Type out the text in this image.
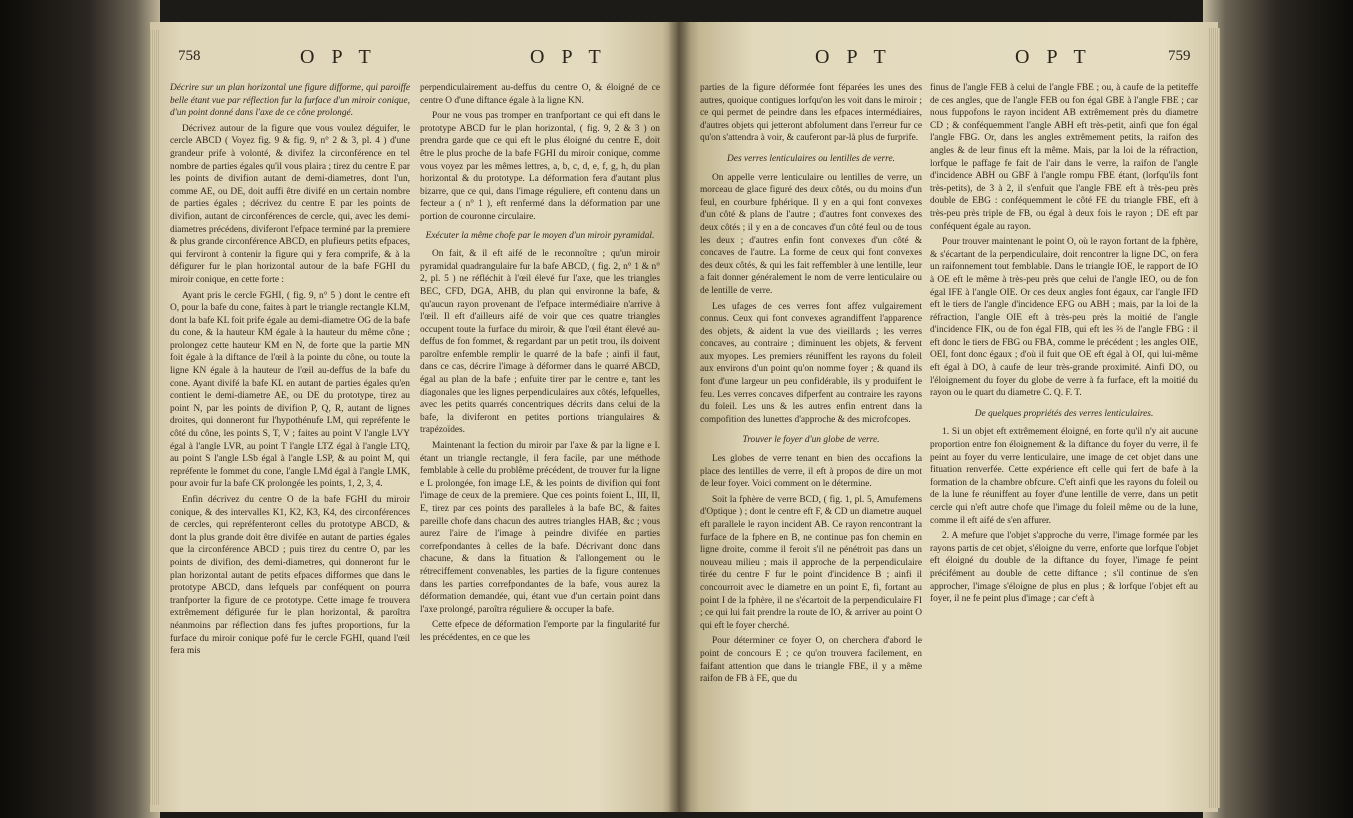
758	O P T	O P T

Décrire sur un plan horizontal une figure difforme, qui paroiffe belle étant vue par réflection fur la furface d'un miroir conique, d'un point donné dans l'axe de ce cône prolongé.

Décrivez autour de la figure que vous voulez déguifer, le cercle ABCD ( Voyez fig. 9 & fig. 9, n° 2 & 3, pl. 4 ) d'une grandeur prife à volonté, & divifez la circonférence en tel nombre de parties égales qu'il vous plaira ; tirez du centre E par les points de divifion autant de demi-diametres, dont l'un, comme AE, ou DE, doit auffi être divifé en un certain nombre de parties égales ; décrivez du centre E par les points de divifion, autant de circonférences de cercle, qui, avec les demi-diametres précédens, diviferont l'efpace terminé par la premiere & plus grande circonférence ABCD, en plufieurs petits efpaces, qui ferviront à contenir la figure qui y fera comprife, & à la défigurer fur le plan horizontal autour de la bafe FGHI du miroir conique, en cette forte :

Ayant pris le cercle FGHI, ( fig. 9, n° 5 ) dont le centre eft O, pour la bafe du cone, faites à part le triangle rectangle KLM, dont la bafe KL foit prife égale au demi-diametre OG de la bafe du cone, & la hauteur KM égale à la hauteur du même cône ; prolongez cette hauteur KM en N, de forte que la partie MN foit égale à la diftance de l'œil à la pointe du cône, ou toute la ligne KN égale à la hauteur de l'œil au-deffus de la bafe du cone. Ayant divifé la bafe KL en autant de parties égales qu'en contient le demi-diametre AE, ou DE du prototype, tirez au point N, par les points de divifion P, Q, R, autant de lignes droites, qui donneront fur l'hypothénufe LM, qui repréfente le côté du cône, les points S, T, V ; faites au point V l'angle LVY égal à l'angle LVR, au point T l'angle LTZ égal à l'angle LTQ, au point S l'angle LSb égal à l'angle LSP, & au point M, qui repréfente le fommet du cone, l'angle LMd égal à l'angle LMK, pour avoir fur la bafe CK prolongée les points, 1, 2, 3, 4.

Enfin décrivez du centre O de la bafe FGHI du miroir conique, & des intervalles K1, K2, K3, K4, des circonférences de cercles, qui repréfenteront celles du prototype ABCD, & dont la plus grande doit être divifée en autant de parties égales que la circonférence ABCD ; puis tirez du centre O, par les points de divifion, des demi-diametres, qui donneront fur le plan horizontal autant de petits efpaces difformes que dans le prototype ABCD, dans lefquels par conféquent on pourra tranfporter la figure de ce prototype. Cette image fe trouvera extrêmement défigurée fur le plan horizontal, & paroîtra néanmoins par réflection dans fes juftes proportions, fur la furface du miroir conique pofé fur le cercle FGHI, quand l'œil fera mis

perpendiculairement au-deffus du centre O, & éloigné de ce centre O d'une diftance égale à la ligne KN.

Pour ne vous pas tromper en tranfportant ce qui eft dans le prototype ABCD fur le plan horizontal, ( fig. 9, 2 & 3 ) on prendra garde que ce qui eft le plus éloigné du centre E, doit être le plus proche de la bafe FGHI du miroir conique, comme vous voyez par les mêmes lettres, a, b, c, d, e, f, g, h, du plan horizontal & du prototype. La déformation fera d'autant plus bizarre, que ce qui, dans l'image réguliere, eft contenu dans un fecteur a ( n° 1 ), eft renfermé dans la déformation par une portion de couronne circulaire.

Exécuter la même chofe par le moyen d'un miroir pyramidal.

On fait, & il eft aifé de le reconnoître ; qu'un miroir pyramidal quadrangulaire fur la bafe ABCD, ( fig. 2, n° 1 & n° 2, pl. 5 ) ne réfléchit à l'œil élevé fur l'axe, que les triangles BEC, CFD, DGA, AHB, du plan qui environne la bafe, & qu'aucun rayon provenant de l'efpace intermédiaire n'arrive à l'œil. Il eft d'ailleurs aifé de voir que ces quatre triangles occupent toute la furface du miroir, & que l'œil étant élevé au-deffus de fon fommet, & regardant par un petit trou, ils doivent paroître enfemble remplir le quarré de la bafe ; ainfi il faut, dans ce cas, décrire l'image à déformer dans le quarré ABCD, égal au plan de la bafe ; enfuite tirer par le centre e, tant les diagonales que les lignes perpendiculaires aux côtés, lefquelles, avec les petits quarrés concentriques décrits dans celui de la bafe, la diviferont en petites portions triangulaires & trapézoïdes.

Maintenant la fection du miroir par l'axe & par la ligne e I. étant un triangle rectangle, il fera facile, par une méthode femblable à celle du problême précédent, de trouver fur la ligne e L prolongée, fon image LE, & les points de divifion qui font l'image de ceux de la premiere. Que ces points foient L, III, II, E, tirez par ces points des paralleles à la bafe BC, & faites pareille chofe dans chacun des autres triangles HAB, &c ; vous aurez l'aire de l'image à peindre divifée en parties correfpondantes à celles de la bafe. Décrivant donc dans chacune, & dans la fituation & l'allongement ou le rétreciffement convenables, les parties de la figure contenues dans les parties correfpondantes de la bafe, vous aurez la déformation demandée, qui, étant vue d'un certain point dans l'axe prolongé, paroîtra réguliere & occuper la bafe.

Cette efpece de déformation l'emporte par la fingularité fur les précédentes, en ce que les

O P T	O P T	759

parties de la figure déformée font féparées les unes des autres, quoique contigues lorfqu'on les voit dans le miroir ; ce qui permet de peindre dans les efpaces intermédiaires, d'autres objets qui jetteront abfolument dans l'erreur fur ce qu'on s'attendra à voir, & cauferont par-là plus de furprife.

Des verres lenticulaires ou lentilles de verre.

On appelle verre lenticulaire ou lentilles de verre, un morceau de glace figuré des deux côtés, ou du moins d'un feul, en courbure fphérique. Il y en a qui font convexes d'un côté & plans de l'autre ; d'autres font convexes des deux côtés ; il y en a de concaves d'un côté feul ou de tous les deux ; d'autres enfin font convexes d'un côté & concaves de l'autre. La forme de ceux qui font convexes des deux côtés, & qui les fait reffembler à une lentille, leur a fait donner généralement le nom de verre lenticulaire ou de lentille de verre.

Les ufages de ces verres font affez vulgairement connus. Ceux qui font convexes agrandiffent l'apparence des objets, & aident la vue des vieillards ; les verres concaves, au contraire ; diminuent les objets, & fervent aux myopes. Les premiers réuniffent les rayons du foleil aux environs d'un point qu'on nomme foyer ; & quand ils font d'une largeur un peu confidérable, ils y produifent le feu. Les verres concaves difperfent au contraire les rayons du foleil. Les uns & les autres enfin entrent dans la compofition des lunettes d'approche & des microfcopes.

Trouver le foyer d'un globe de verre.

Les globes de verre tenant en bien des occafions la place des lentilles de verre, il eft à propos de dire un mot de leur foyer. Voici comment on le détermine.

Soit la fphère de verre BCD, ( fig. 1, pl. 5, Amufemens d'Optique ) ; dont le centre eft F, & CD un diametre auquel eft parallele le rayon incident AB. Ce rayon rencontrant la furface de la fphere en B, ne continue pas fon chemin en ligne droite, comme il feroit s'il ne pénétroit pas dans un nouveau milieu ; mais il approche de la perpendiculaire tirée du centre F fur le point d'incidence B ; ainfi il concourroit avec le diametre en un point E, fi, fortant au point I de la fphère, il ne s'écartoit de la perpendiculaire FI ; ce qui lui fait prendre la route de IO, & arriver au point O qui eft le foyer cherché.

Pour déterminer ce foyer O, on cherchera d'abord le point de concours E ; ce qu'on trouvera facilement, en faifant attention que dans le triangle FBE, il y a même raifon de FB à FE, que du

finus de l'angle FEB à celui de l'angle FBE ; ou, à caufe de la petiteffe de ces angles, que de l'angle FEB ou fon égal GBE à l'angle FBE ; car nous fuppofons le rayon incident AB extrêmement près du diametre CD ; & conféquemment l'angle ABH eft très-petit, ainfi que fon égal l'angle FBG. Or, dans les angles extrêmement petits, la raifon des angles & de leur finus eft la même. Mais, par la loi de la réfraction, lorfque le paffage fe fait de l'air dans le verre, la raifon de l'angle d'incidence ABH ou GBF à l'angle rompu FBE étant, (lorfqu'ils font très-petits), de 3 à 2, il s'enfuit que l'angle FBE eft à très-peu près double de EBG : conféquemment le côté FE du triangle FBE, eft à très-peu près triple de FB, ou égal à deux fois le rayon ; DE eft par conféquent égale au rayon.

Pour trouver maintenant le point O, où le rayon fortant de la fphère, & s'écartant de la perpendiculaire, doit rencontrer la ligne DC, on fera un raifonnement tout femblable. Dans le triangle IOE, le rapport de IO à OE eft le même à très-peu près que celui de l'angle IEO, ou de fon égal IFE à l'angle OIE. Or ces deux angles font égaux, car l'angle IFD eft le tiers de l'angle d'incidence EFG ou ABH ; mais, par la loi de la réfraction, l'angle OIE eft à très-peu près la moitié de l'angle d'incidence FIK, ou de fon égal FIB, qui eft les ⅔ de l'angle FBG : il eft donc le tiers de FBG ou FBA, comme le précédent ; les angles OIE, OEI, font donc égaux ; d'où il fuit que OE eft égal à OI, qui lui-même eft égal à DO, à caufe de leur très-grande proximité. Ainfi DO, ou l'éloignement du foyer du globe de verre à fa furface, eft la moitié du rayon ou le quart du diametre C. Q. F. T.

De quelques propriétés des verres lenticulaires.

1. Si un objet eft extrêmement éloigné, en forte qu'il n'y ait aucune proportion entre fon éloignement & la diftance du foyer du verre, il fe peint au foyer du verre lenticulaire, une image de cet objet dans une fituation renverfée. Cette expérience eft celle qui fert de bafe à la formation de la chambre obfcure. C'eft ainfi que les rayons du foleil ou de la lune fe réuniffent au foyer d'une lentille de verre, dans un petit cercle qui n'eft autre chofe que l'image du foleil même ou de la lune, comme il eft aifé de s'en affurer.

2. A mefure que l'objet s'approche du verre, l'image formée par les rayons partis de cet objet, s'éloigne du verre, enforte que lorfque l'objet eft éloigné du double de la diftance du foyer, l'image fe peint précifément au double de cette diftance ; s'il continue de s'en approcher, l'image s'éloigne de plus en plus ; & lorfque l'objet eft au foyer, il ne fe peint plus d'image ; car c'eft à
